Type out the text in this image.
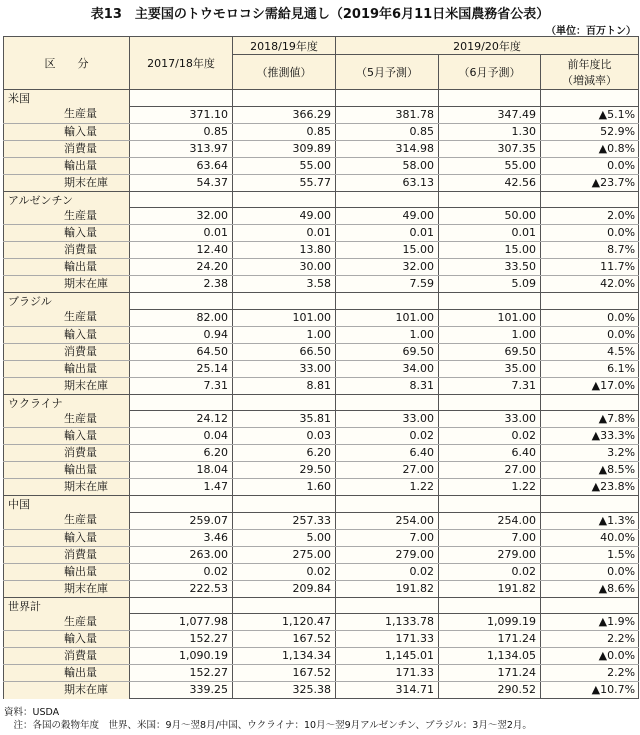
表13　主要国のトウモロコシ需給見通し（2019年6月11日米国農務省公表）
（単位：百万トン）
区　　分	2017/18年度	2018/19年度	2019/20年度		
		（推測値）	（5月予測）	（6月予測）	前年度比
（増減率）

米国					
生産量	371.10	366.29	381.78	347.49	▲5.1%
輸入量	0.85	0.85	0.85	1.30	52.9%
消費量	313.97	309.89	314.98	307.35	▲0.8%
輸出量	63.64	55.00	58.00	55.00	0.0%
期末在庫	54.37	55.77	63.13	42.56	▲23.7%
アルゼンチン					
生産量	32.00	49.00	49.00	50.00	2.0%
輸入量	0.01	0.01	0.01	0.01	0.0%
消費量	12.40	13.80	15.00	15.00	8.7%
輸出量	24.20	30.00	32.00	33.50	11.7%
期末在庫	2.38	3.58	7.59	5.09	42.0%
ブラジル					
生産量	82.00	101.00	101.00	101.00	0.0%
輸入量	0.94	1.00	1.00	1.00	0.0%
消費量	64.50	66.50	69.50	69.50	4.5%
輸出量	25.14	33.00	34.00	35.00	6.1%
期末在庫	7.31	8.81	8.31	7.31	▲17.0%
ウクライナ					
生産量	24.12	35.81	33.00	33.00	▲7.8%
輸入量	0.04	0.03	0.02	0.02	▲33.3%
消費量	6.20	6.20	6.40	6.40	3.2%
輸出量	18.04	29.50	27.00	27.00	▲8.5%
期末在庫	1.47	1.60	1.22	1.22	▲23.8%
中国					
生産量	259.07	257.33	254.00	254.00	▲1.3%
輸入量	3.46	5.00	7.00	7.00	40.0%
消費量	263.00	275.00	279.00	279.00	1.5%
輸出量	0.02	0.02	0.02	0.02	0.0%
期末在庫	222.53	209.84	191.82	191.82	▲8.6%
世界計					
生産量	1,077.98	1,120.47	1,133.78	1,099.19	▲1.9%
輸入量	152.27	167.52	171.33	171.24	2.2%
消費量	1,090.19	1,134.34	1,145.01	1,134.05	▲0.0%
輸出量	152.27	167.52	171.33	171.24	2.2%
期末在庫	339.25	325.38	314.71	290.52	▲10.7%
資料：USDA
　注：各国の穀物年度　世界、米国：9月～翌8月/中国、ウクライナ：10月～翌9月アルゼンチン、ブラジル：3月～翌2月。
